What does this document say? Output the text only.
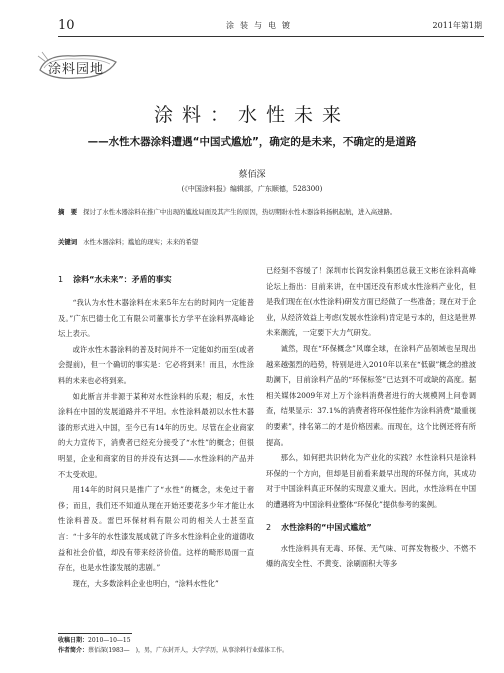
10	涂装与电镀	2011年第1期
涂料园地
涂料：水性未来
——水性木器涂料遭遇“中国式尴尬”，确定的是未来，不确定的是道路
蔡佰深
(《中国涂料报》编辑部，广东顺德，528300)
摘　要 探讨了水性木器涂料在推广中出现的尴尬局面及其产生的原因，热切期盼水性木器涂料扬帆起航，进入高速路。
关键词 水性木器涂料；尴尬的现实；未来的希望
1 涂料“水未来”：矛盾的事实

“我认为水性木器涂料在未来5年左右的时间内一定能普及。”广东巴德士化工有限公司董事长方学平在涂料界高峰论坛上表示。

或许水性木器涂料的普及时间并不一定能如约而至(或者会提前)，但一个确切的事实是：它必将到来！而且，水性涂料的未来也必将到来。

如此断言并非源于某种对水性涂料的乐观；相反，水性涂料在中国的发展道路并不平坦。水性涂料最初以水性木器漆的形式进入中国，至今已有14年的历史。尽管在企业商家的大力宣传下，消费者已经充分接受了“水性”的概念；但很明显，企业和商家的目的并没有达到——水性涂料的产品并不太受欢迎。

用14年的时间只是推广了“水性”的概念，未免过于奢侈；而且，我们还不知道从现在开始还要花多少年才能让水性涂料普及。雷巴环保材料有限公司的相关人士甚至直言：“十多年的水性漆发展成就了许多水性涂料企业的道德收益和社会价值，却没有带来经济价值。这样的畸形局面一直存在，也是水性漆发展的悲剧。”

现在，大多数涂料企业也明白，“涂料水性化”

已经刻不容缓了！深圳市长润发涂料集团总裁王文彬在涂料高峰论坛上指出：目前来讲，在中国还没有形成水性涂料产业化，但是我们现在在(水性涂料)研发方面已经做了一些准备；现在对于企业，从经济效益上考虑(发展水性涂料)肯定是亏本的，但这是世界未来潮流，一定要下大力气研发。

诚然，现在“环保概念”风靡全球，在涂料产品领域也呈现出越来越强烈的趋势，特别是进入2010年以来在“低碳”概念的推波助澜下，目前涂料产品的“环保标签”已达到不可或缺的高度。据相关媒体2009年对上万个涂料消费者进行的大规模网上问卷调查，结果显示：37.1%的消费者将环保性能作为涂料消费“最重视的要素”，排名第二的才是价格因素。而现在，这个比例还将有所提高。

那么，如何把共识转化为产业化的实践？水性涂料只是涂料环保的一个方向，但却是目前看来最早出现的环保方向，其成功对于中国涂料真正环保的实现意义重大。因此，水性涂料在中国的遭遇将为中国涂料业整体“环保化”提供参考的案例。

2 水性涂料的“中国式尴尬”

水性涂料具有无毒、环保、无气味、可挥发物极少、不燃不爆的高安全性、不黄变、涂刷面积大等多

收稿日期：2010—10—15
作者简介：蔡佰深(1983—　)，男，广东封开人，大学学历，从事涂料行业媒体工作。
